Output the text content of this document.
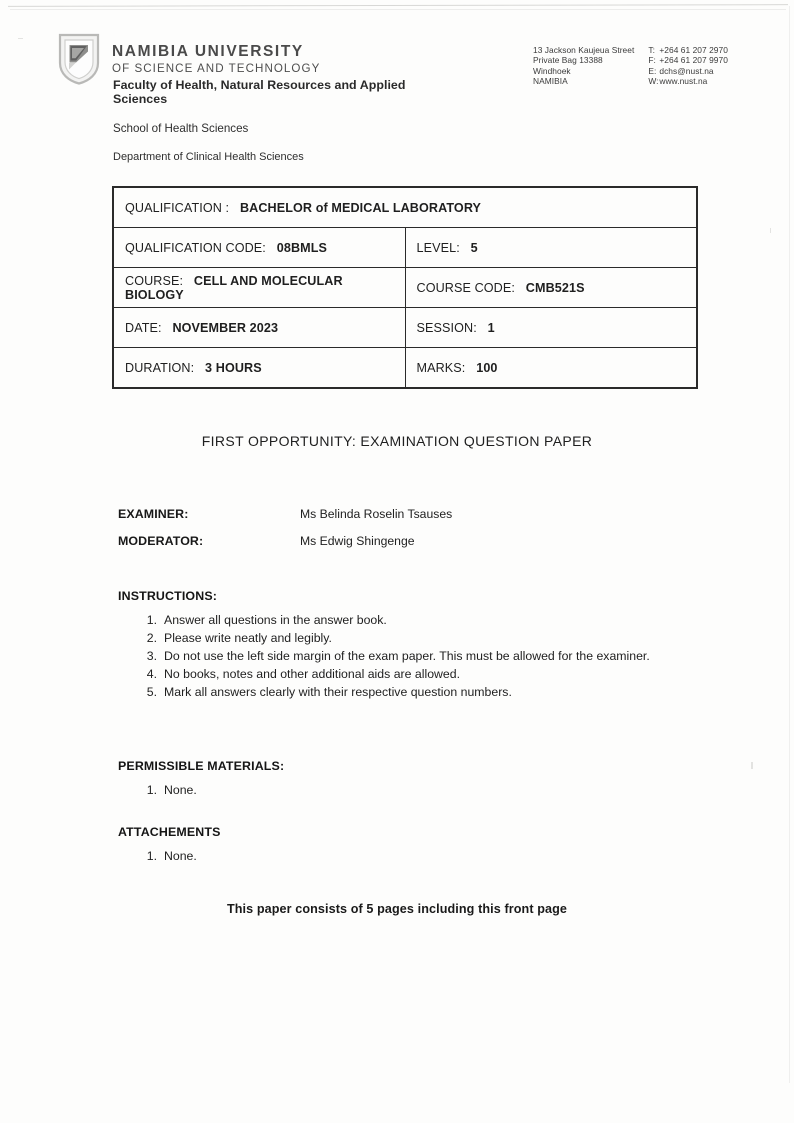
NAMIBIA UNIVERSITY
OF SCIENCE AND TECHNOLOGY
Faculty of Health, Natural Resources and Applied Sciences
School of Health Sciences
Department of Clinical Health Sciences
13 Jackson Kaujeua Street
Private Bag 13388
Windhoek
NAMIBIA
T: +264 61 207 2970
F: +264 61 207 9970
E: dchs@nust.na
W: www.nust.na
QUALIFICATION : BACHELOR of MEDICAL LABORATORY	
QUALIFICATION CODE: 08BMLS	LEVEL: 5
COURSE: CELL AND MOLECULAR BIOLOGY	COURSE CODE: CMB521S
DATE: NOVEMBER 2023	SESSION: 1
DURATION: 3 HOURS	MARKS: 100
FIRST OPPORTUNITY: EXAMINATION QUESTION PAPER
EXAMINER:	Ms Belinda Roselin Tsauses
MODERATOR:	Ms Edwig Shingenge
INSTRUCTIONS:
Answer all questions in the answer book.
Please write neatly and legibly.
Do not use the left side margin of the exam paper. This must be allowed for the examiner.
No books, notes and other additional aids are allowed.
Mark all answers clearly with their respective question numbers.
PERMISSIBLE MATERIALS:
None.
ATTACHEMENTS
None.
This paper consists of 5 pages including this front page
